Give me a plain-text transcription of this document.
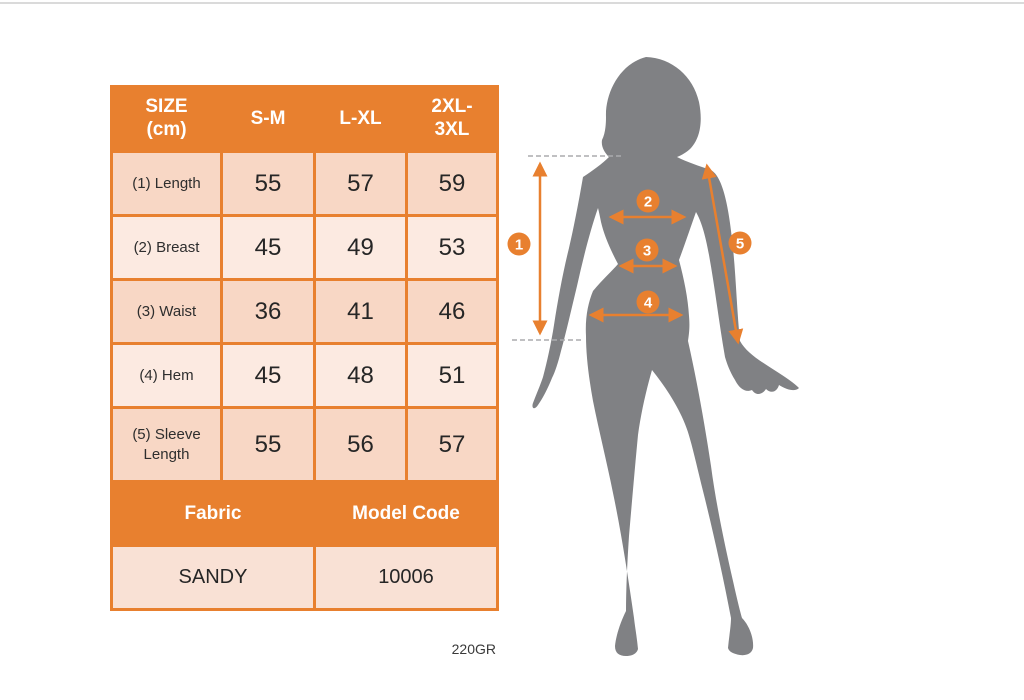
SIZE (cm)	S-M	L-XL	2XL-3XL
(1) Length	55	57	59
(2) Breast	45	49	53
(3) Waist	36	41	46
(4) Hem	45	48	51
(5) Sleeve Length	55	56	57
Fabric		Model Code	
SANDY		10006	
220GR
1
2
3
4
5
